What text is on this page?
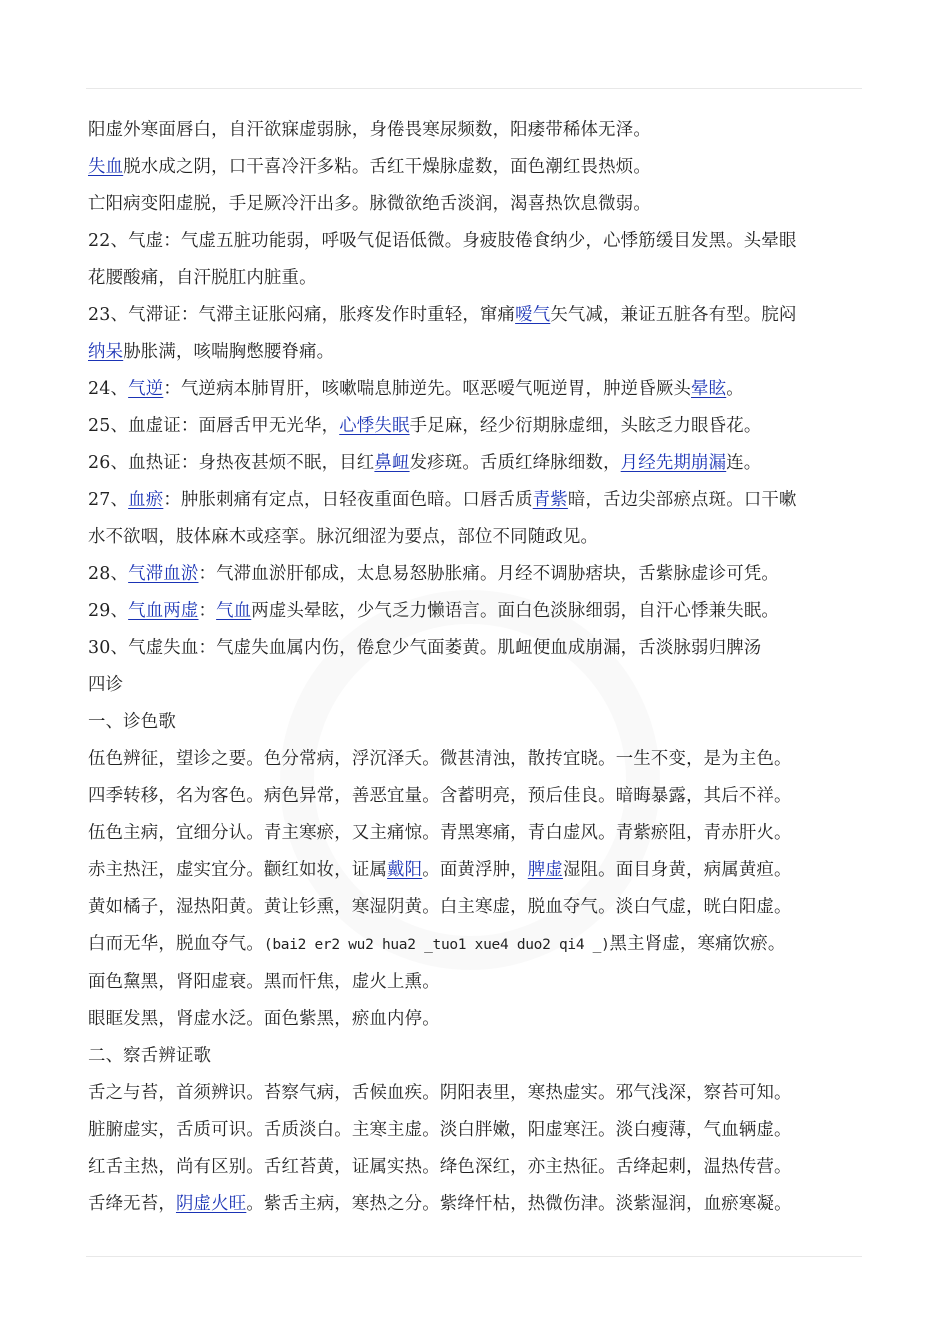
阳虚外寒面唇白，自汗欲寐虚弱脉，身倦畏寒尿频数，阳痿带稀体无泽。
失血脱水成之阴，口干喜冷汗多粘。舌红干燥脉虚数，面色潮红畏热烦。
亡阳病变阳虚脱，手足厥冷汗出多。脉微欲绝舌淡润，渴喜热饮息微弱。
22、气虚：气虚五脏功能弱，呼吸气促语低微。身疲肢倦食纳少，心悸筋缓目发黑。头晕眼
花腰酸痛，自汗脱肛内脏重。
23、气滞证：气滞主证胀闷痛，胀疼发作时重轻，窜痛嗳气矢气减，兼证五脏各有型。脘闷
纳呆胁胀满，咳喘胸憋腰脊痛。
24、气逆：气逆病本肺胃肝，咳嗽喘息肺逆先。呕恶嗳气呃逆胃，肿逆昏厥头晕眩。
25、血虚证：面唇舌甲无光华，心悸失眠手足麻，经少衍期脉虚细，头眩乏力眼昏花。
26、血热证：身热夜甚烦不眠，目红鼻衄发疹斑。舌质红绛脉细数，月经先期崩漏连。
27、血瘀：肿胀刺痛有定点，日轻夜重面色暗。口唇舌质青紫暗，舌边尖部瘀点斑。口干嗽
水不欲咽，肢体麻木或痉挛。脉沉细涩为要点，部位不同随政见。
28、气滞血淤：气滞血淤肝郁成，太息易怒胁胀痛。月经不调胁痞块，舌紫脉虚诊可凭。
29、气血两虚：气血两虚头晕眩，少气乏力懒语言。面白色淡脉细弱，自汗心悸兼失眠。
30、气虚失血：气虚失血属内伤，倦怠少气面萎黄。肌衄便血成崩漏，舌淡脉弱归脾汤
四诊
一、诊色歌
伍色辨征，望诊之要。色分常病，浮沉泽夭。微甚清浊，散抟宜晓。一生不变，是为主色。
四季转移，名为客色。病色异常，善恶宜量。含蓄明亮，预后佳良。暗晦暴露，其后不祥。
伍色主病，宜细分认。青主寒瘀，又主痛惊。青黑寒痛，青白虚风。青紫瘀阻，青赤肝火。
赤主热汪，虚实宜分。颧红如妆，证属戴阳。面黄浮肿，脾虚湿阻。面目身黄，病属黄疸。
黄如橘子，湿热阳黄。黄让钐熏，寒湿阴黄。白主寒虚，脱血夺气。淡白气虚，晄白阳虚。
白而无华，脱血夺气。(bai2 er2 wu2 hua2 _tuo1 xue4 duo2 qi4 _)黑主肾虚，寒痛饮瘀。
面色黧黑，肾阳虚衰。黑而忓焦，虚火上熏。
眼眶发黑，肾虚水泛。面色紫黑，瘀血内停。
二、察舌辨证歌
舌之与苔，首须辨识。苔察气病，舌候血疾。阴阳表里，寒热虚实。邪气浅深，察苔可知。
脏腑虚实，舌质可识。舌质淡白。主寒主虚。淡白胖嫩，阳虚寒汪。淡白瘦薄，气血辆虚。
红舌主热，尚有区别。舌红苔黄，证属实热。绛色深红，亦主热征。舌绛起刺，温热传营。
舌绛无苔，阴虚火旺。紫舌主病，寒热之分。紫绛忓枯，热微伤津。淡紫湿润，血瘀寒凝。
